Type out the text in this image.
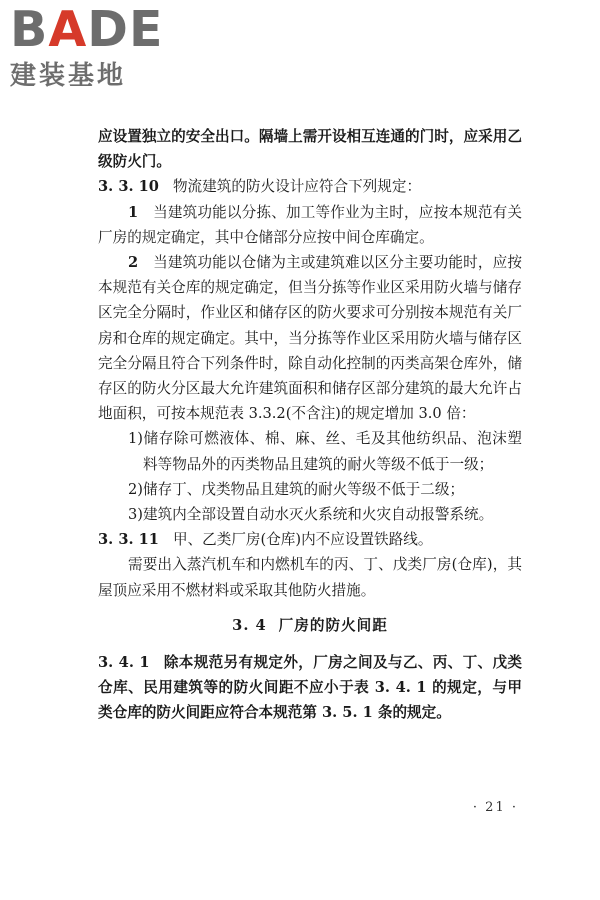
BADE
建装基地

应设置独立的安全出口。隔墙上需开设相互连通的门时，应采用乙级防火门。

3. 3. 10 物流建筑的防火设计应符合下列规定：

1　 当建筑功能以分拣、加工等作业为主时，应按本规范有关厂房的规定确定，其中仓储部分应按中间仓库确定。

2　 当建筑功能以仓储为主或建筑难以区分主要功能时，应按本规范有关仓库的规定确定，但当分拣等作业区采用防火墙与储存区完全分隔时，作业区和储存区的防火要求可分别按本规范有关厂房和仓库的规定确定。其中，当分拣等作业区采用防火墙与储存区完全分隔且符合下列条件时，除自动化控制的丙类高架仓库外，储存区的防火分区最大允许建筑面积和储存区部分建筑的最大允许占地面积，可按本规范表 3.3.2(不含注)的规定增加 3.0 倍：

1)储存除可燃液体、棉、麻、丝、毛及其他纺织品、泡沫塑料等物品外的丙类物品且建筑的耐火等级不低于一级；

2)储存丁、戊类物品且建筑的耐火等级不低于二级；

3)建筑内全部设置自动水灭火系统和火灾自动报警系统。

3. 3. 11 甲、乙类厂房(仓库)内不应设置铁路线。

需要出入蒸汽机车和内燃机车的丙、丁、戊类厂房(仓库)，其屋顶应采用不燃材料或采取其他防火措施。

3. 4 厂房的防火间距

3. 4. 1 除本规范另有规定外，厂房之间及与乙、丙、丁、戊类仓库、民用建筑等的防火间距不应小于表 3. 4. 1 的规定，与甲类仓库的防火间距应符合本规范第 3. 5. 1 条的规定。

· 21 ·
